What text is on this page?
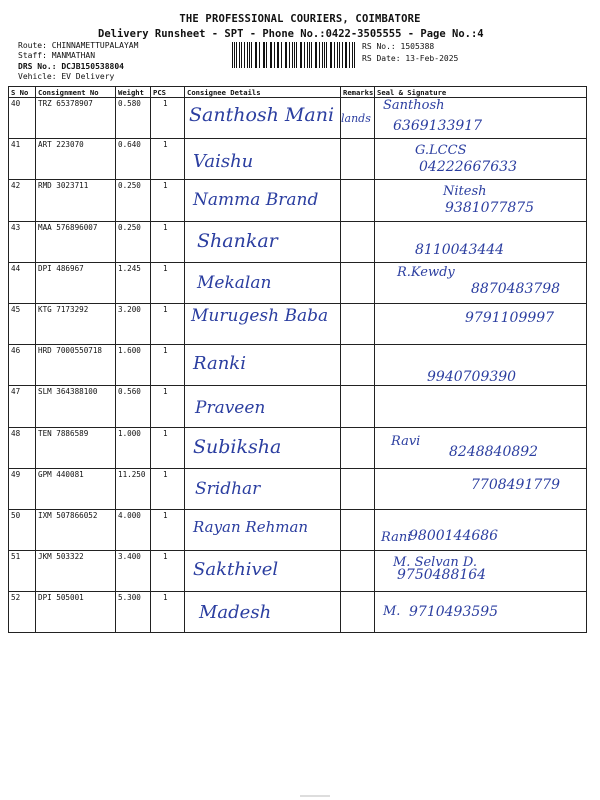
THE PROFESSIONAL COURIERS, COIMBATORE
Delivery Runsheet - SPT - Phone No.:0422-3505555 - Page No.:4
Route: CHINNAMETTUPALAYAM
Staff: MANMATHAN
DRS No.: DCJB150538804
Vehicle: EV Delivery
RS No.: 1505388
RS Date: 13-Feb-2025
S No	Consignment No	Weight	PCS	Consignee Details	Remarks	Seal & Signature
40	TRZ 65378907	0.580	1	Santhosh Mani	lands	Santhosh
6369133917

41	ART 223070	0.640	1	Vaishu		G.LCCS
04222667633

42	RMD 3023711	0.250	1	Namma Brand		Nitesh
9381077875

43	MAA 576896007	0.250	1	Shankar		8110043444

44	DPI 486967	1.245	1	Mekalan		R.Kewdy
8870483798

45	KTG 7173292	3.200	1	Murugesh Baba		9791109997

46	HRD 7000550718	1.600	1	Ranki		9940709390

47	SLM 364388100	0.560	1	Praveen		

48	TEN 7886589	1.000	1	Subiksha		Ravi
8248840892

49	GPM 440081	11.250	1	Sridhar		7708491779

50	IXM 507866052	4.000	1	Rayan Rehman		Rani
9800144686

51	JKM 503322	3.400	1	Sakthivel		M. Selvan D.
9750488164

52	DPI 505001	5.300	1	Madesh		M. 9710493595
